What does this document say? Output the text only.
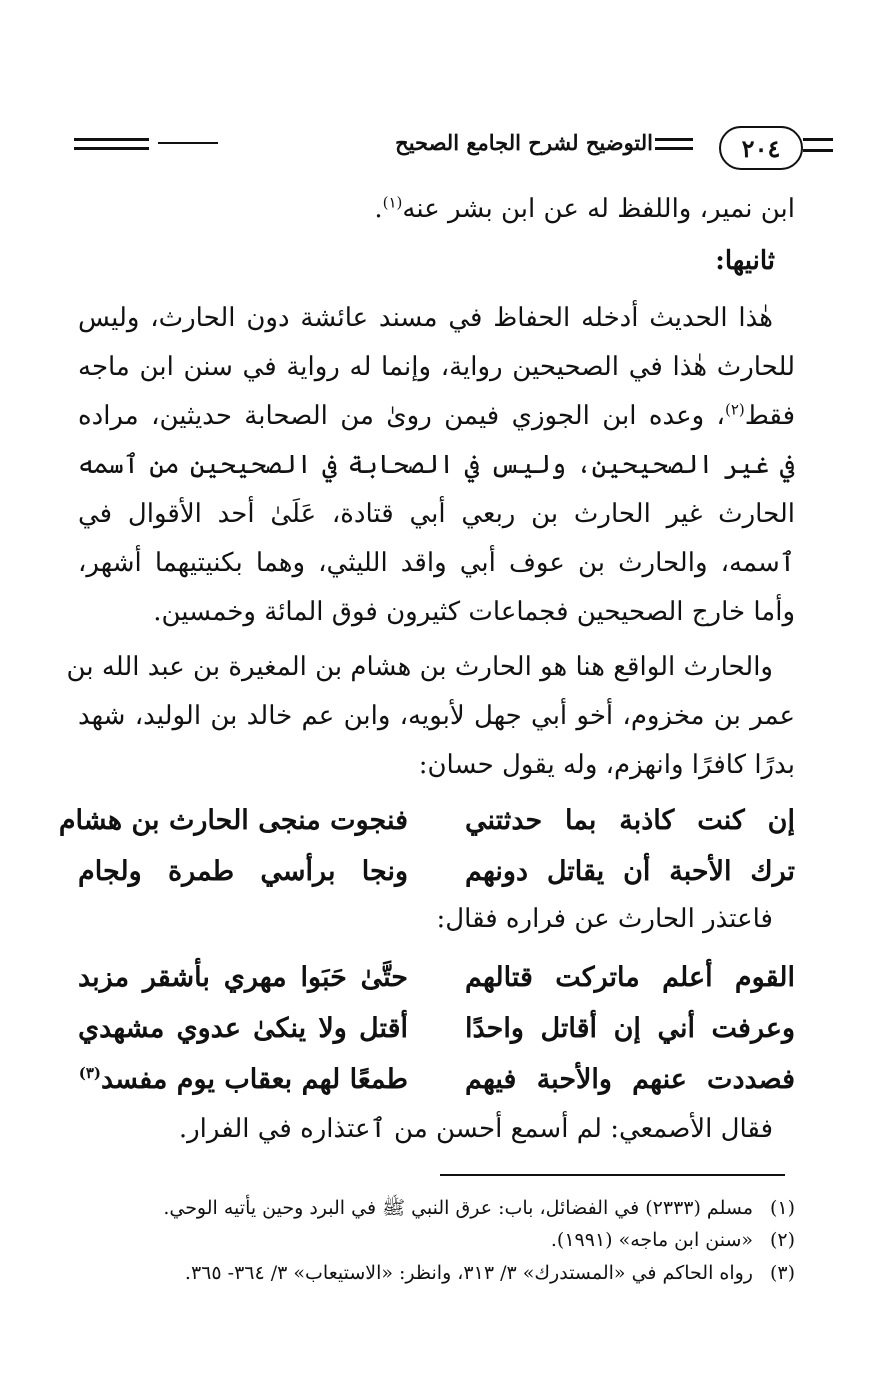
٢٠٤
التوضيح لشرح الجامع الصحيح
ابن نمير، واللفظ له عن ابن بشر عنه$^{(١)}$.
ثانيها:
هٰذا الحديث أدخله الحفاظ في مسند عائشة دون الحارث، وليس
للحارث هٰذا في الصحيحين رواية، وإنما له رواية في سنن ابن ماجه
فقط$^{(٢)}$، وعده ابن الجوزي فيمن روىٰ من الصحابة حديثين، مراده
في غير الصحيحين، وليس في الصحابة في الصحيحين من ٱسمه
الحارث غير الحارث بن ربعي أبي قتادة، عَلَىٰ أحد الأقوال في
ٱسمه، والحارث بن عوف أبي واقد الليثي، وهما بكنيتيهما أشهر،
وأما خارج الصحيحين فجماعات كثيرون فوق المائة وخمسين.
والحارث الواقع هنا هو الحارث بن هشام بن المغيرة بن عبد الله بن
عمر بن مخزوم، أخو أبي جهل لأبويه، وابن عم خالد بن الوليد، شهد
بدرًا كافرًا وانهزم، وله يقول حسان:
إن كنت كاذبة بما حدثتني
فنجوت منجى الحارث بن هشام
ترك الأحبة أن يقاتل دونهم
ونجا برأسي طمرة ولجام
فاعتذر الحارث عن فراره فقال:
القوم أعلم ماتركت قتالهم
حتَّىٰ حَبَوا مهري بأشقر مزبد
وعرفت أني إن أقاتل واحدًا
أقتل ولا ينكىٰ عدوي مشهدي
فصددت عنهم والأحبة فيهم
طمعًا لهم بعقاب يوم مفسد$^{(٣)}$
فقال الأصمعي: لم أسمع أحسن من ٱعتذاره في الفرار.
(١)مسلم (٢٣٣٣) في الفضائل، باب: عرق النبي ﷺ في البرد وحين يأتيه الوحي.
(٢)«سنن ابن ماجه» (١٩٩١).
(٣)رواه الحاكم في «المستدرك» ٣/ ٣١٣، وانظر: «الاستيعاب» ٣/ ٣٦٤- ٣٦٥.
